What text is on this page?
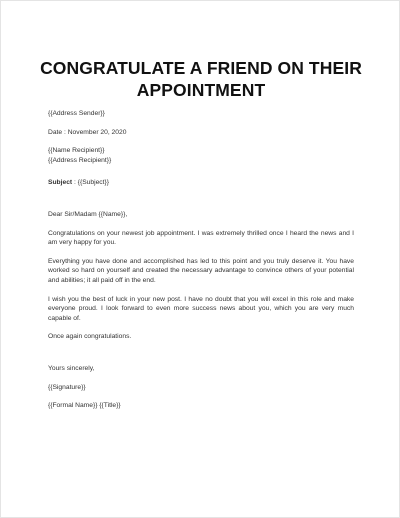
CONGRATULATE A FRIEND ON THEIR
APPOINTMENT
{{Address Sender}}
Date : November 20, 2020
{{Name Recipient}}
{{Address Recipient}}
Subject : {{Subject}}
Dear Sir/Madam {{Name}},
Congratulations on your newest job appointment. I was extremely thrilled once I heard the news and I am very happy for you.
Everything you have done and accomplished has led to this point and you truly deserve it. You have worked so hard on yourself and created the necessary advantage to convince others of your potential and abilities; it all paid off in the end.
I wish you the best of luck in your new post. I have no doubt that you will excel in this role and make everyone proud. I look forward to even more success news about you, which you are very much capable of.
Once again congratulations.
Yours sincerely,
{{Signature}}
{{Formal Name}} {{Title}}
